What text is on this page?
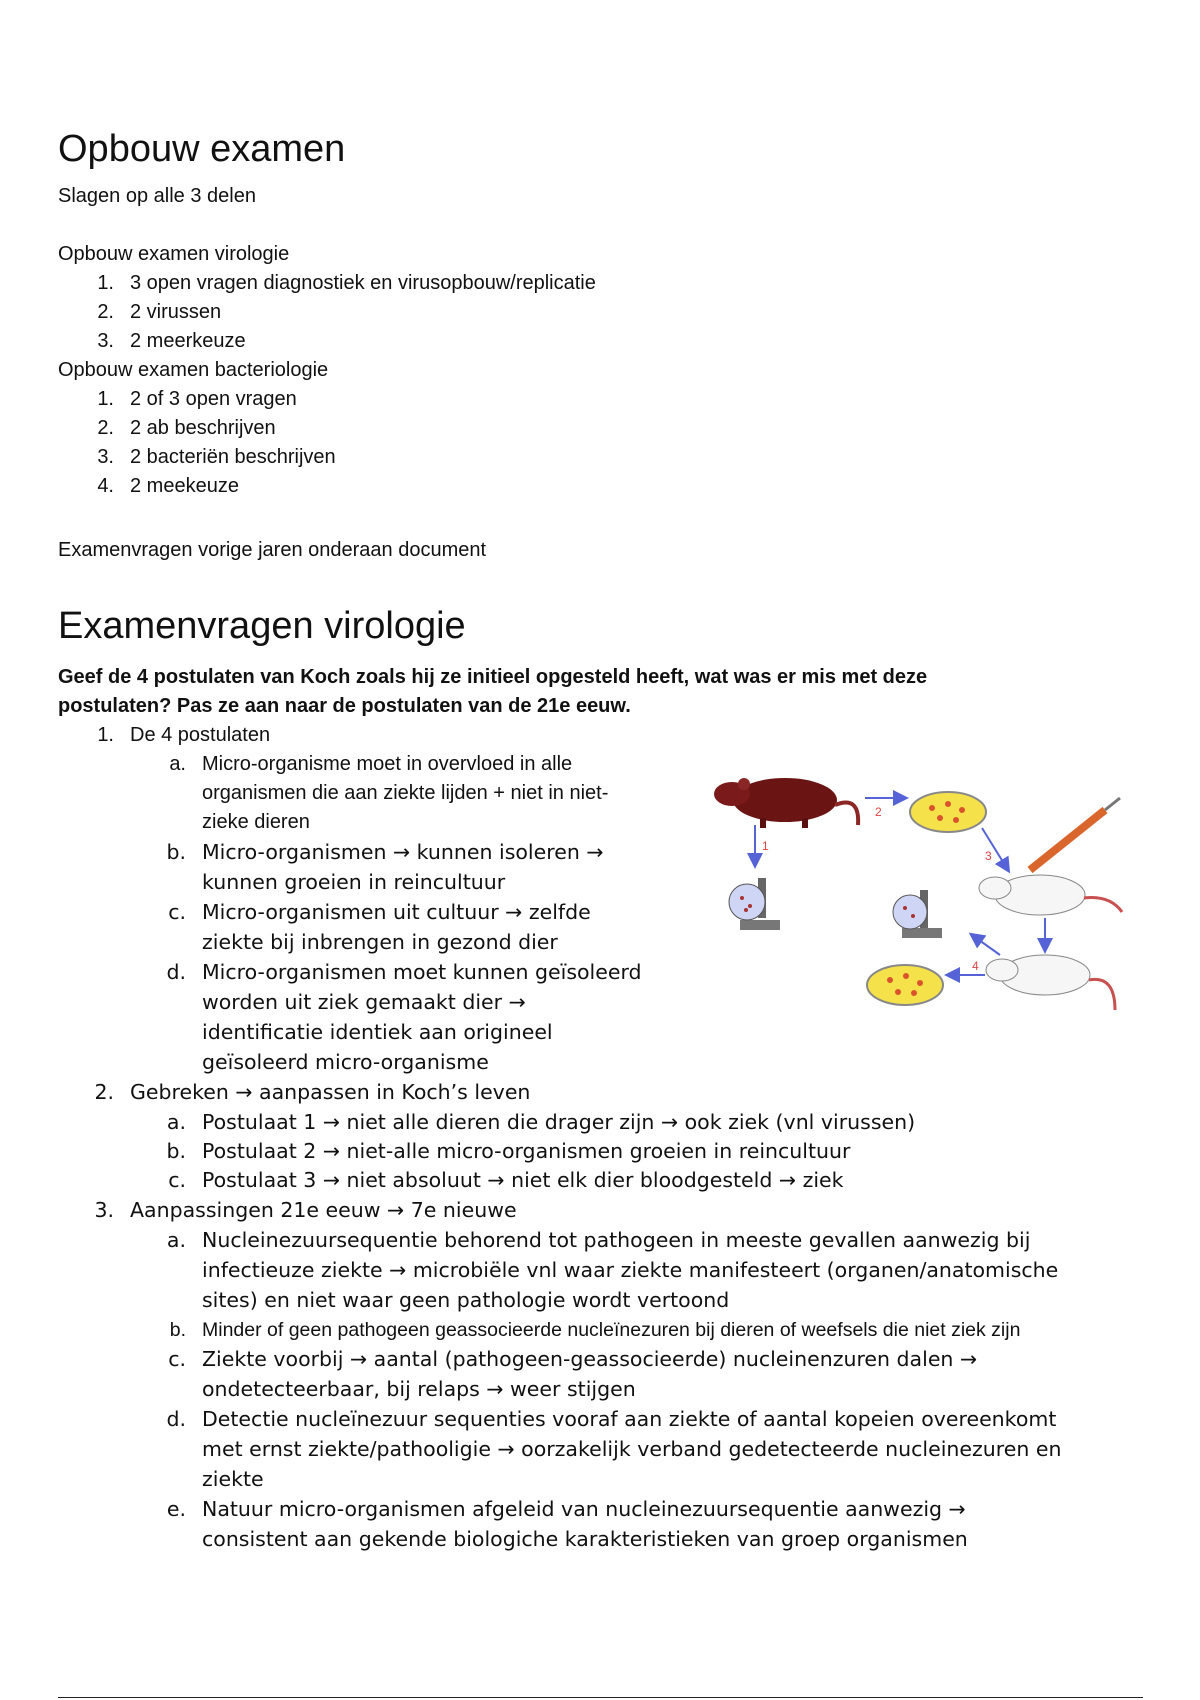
Opbouw examen
Slagen op alle 3 delen
Opbouw examen virologie
1. 3 open vragen diagnostiek en virusopbouw/replicatie
2. 2 virussen
3. 2 meerkeuze
Opbouw examen bacteriologie
1. 2 of 3 open vragen
2. 2 ab beschrijven
3. 2 bacteriën beschrijven
4. 2 meekeuze
Examenvragen vorige jaren onderaan document
Examenvragen virologie
Geef de 4 postulaten van Koch zoals hij ze initieel opgesteld heeft, wat was er mis met deze
postulaten? Pas ze aan naar de postulaten van de 21e eeuw.
1. De 4 postulaten
a. Micro-organisme moet in overvloed in alle
organismen die aan ziekte lijden + niet in niet-
zieke dieren
b. Micro-organismen → kunnen isoleren →
kunnen groeien in reincultuur
c. Micro-organismen uit cultuur → zelfde
ziekte bij inbrengen in gezond dier
d. Micro-organismen moet kunnen geïsoleerd
worden uit ziek gemaakt dier →
identificatie identiek aan origineel
geïsoleerd micro-organisme
2. Gebreken → aanpassen in Koch’s leven
a. Postulaat 1 → niet alle dieren die drager zijn → ook ziek (vnl virussen)
b. Postulaat 2 → niet-alle micro-organismen groeien in reincultuur
c. Postulaat 3 → niet absoluut → niet elk dier bloodgesteld → ziek
3. Aanpassingen 21e eeuw → 7e nieuwe
a. Nucleinezuursequentie behorend tot pathogeen in meeste gevallen aanwezig bij
infectieuze ziekte → microbiële vnl waar ziekte manifesteert (organen/anatomische
sites) en niet waar geen pathologie wordt vertoond
b. Minder of geen pathogeen geassocieerde nucleïnezuren bij dieren of weefsels die niet ziek zijn
c. Ziekte voorbij → aantal (pathogeen-geassocieerde) nucleinenzuren dalen →
ondetecteerbaar, bij relaps → weer stijgen
d. Detectie nucleïnezuur sequenties vooraf aan ziekte of aantal kopeien overeenkomt
met ernst ziekte/pathooligie → oorzakelijk verband gedetecteerde nucleinezuren en
ziekte
e. Natuur micro-organismen afgeleid van nucleinezuursequentie aanwezig →
consistent aan gekende biologiche karakteristieken van groep organismen
1
2
3
4
